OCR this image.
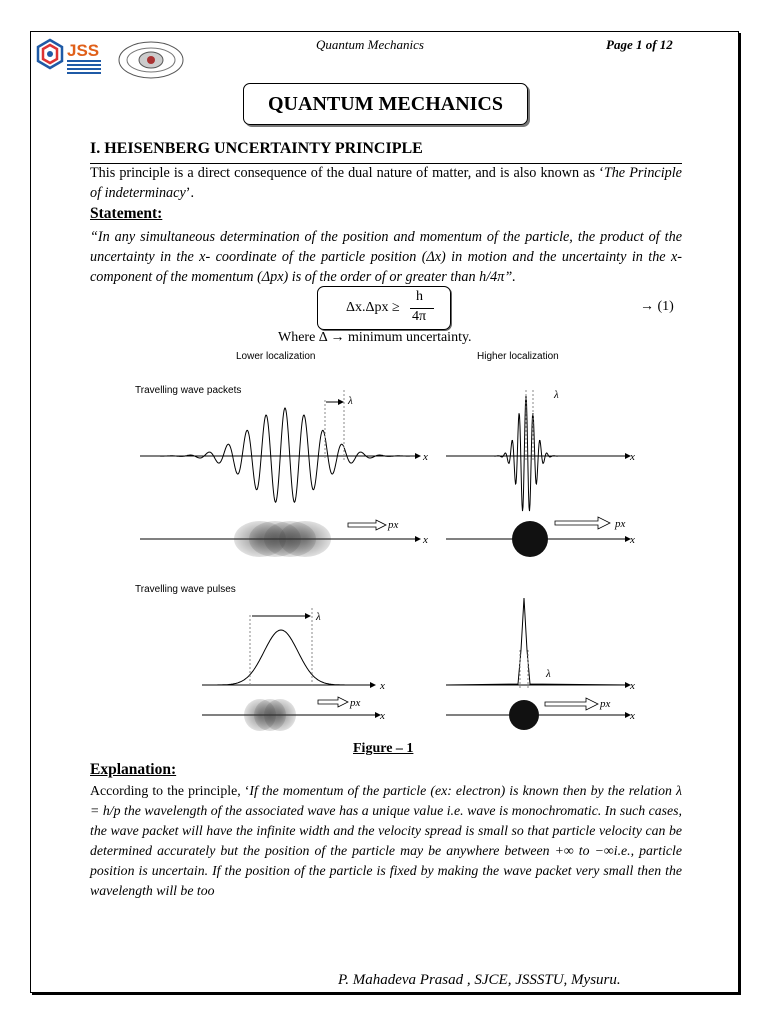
JSS	Quantum Mechanics	Page 1 of 12
QUANTUM MECHANICS
I. HEISENBERG UNCERTAINTY PRINCIPLE
This principle is a direct consequence of the dual nature of matter, and is also known as ‘The Principle of indeterminacy’.
Statement:
“In any simultaneous determination of the position and momentum of the particle, the product of the uncertainty in the x- coordinate of the particle position (Δx) in motion and the uncertainty in the x- component of the momentum (Δpx) is of the order of or greater than h/4π”.
Δx.Δpx ≥
h
4π
→ (1)
Where Δ → minimum uncertainty.
Lower localization	Higher localization
Travelling wave packets
Travelling wave pulses
λ
x
λ
x
x
px	px
x
λ
x
px
x
λ
x
px
x
Figure – 1
Explanation:
According to the principle, ‘If the momentum of the particle (ex: electron) is known then by the relation λ = h/p the wavelength of the associated wave has a unique value i.e. wave is monochromatic. In such cases, the wave packet will have the infinite width and the velocity spread is small so that particle velocity can be determined accurately but the position of the particle may be anywhere between +∞ to −∞i.e., particle position is uncertain. If the position of the particle is fixed by making the wave packet very small then the wavelength will be too
P. Mahadeva Prasad , SJCE, JSSSTU, Mysuru.
